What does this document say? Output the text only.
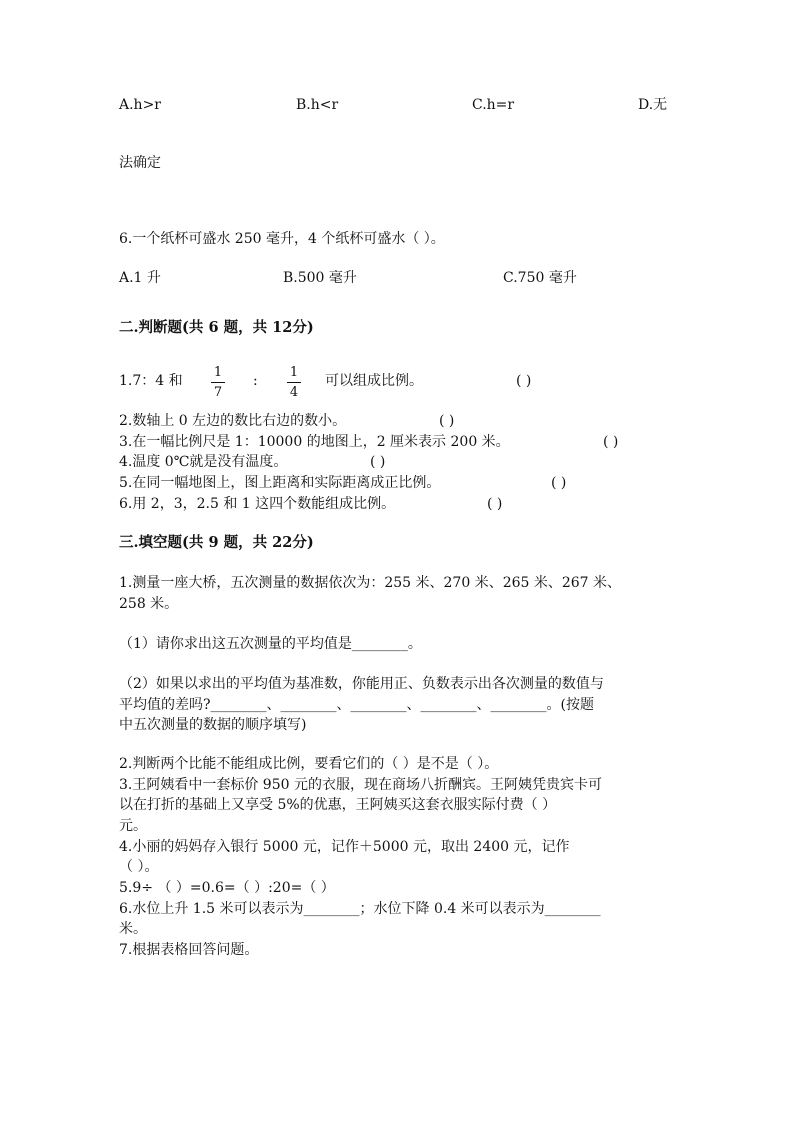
A.h>r	B.h<r	C.h=r	D.无
法确定
6.一个纸杯可盛水 250 毫升，4 个纸杯可盛水（ ）。
A.1 升	B.500 毫升	C.750 毫升
二.判断题(共 6 题，共 12分)
1.7：4 和
1
7
:
1
4
可以组成比例。	( )
2.数轴上 0 左边的数比右边的数小。	( )
3.在一幅比例尺是 1：10000 的地图上，2 厘米表示 200 米。	( )
4.温度 0℃就是没有温度。	( )
5.在同一幅地图上，图上距离和实际距离成正比例。	( )
6.用 2，3，2.5 和 1 这四个数能组成比例。	( )
三.填空题(共 9 题，共 22分)
1.测量一座大桥，五次测量的数据依次为：255 米、270 米、265 米、267 米、
258 米。
（1）请你求出这五次测量的平均值是________。
（2）如果以求出的平均值为基准数，你能用正、负数表示出各次测量的数值与
平均值的差吗?________、________、________、________、________。(按题
中五次测量的数据的顺序填写)
2.判断两个比能不能组成比例，要看它们的（ ）是不是（ ）。
3.王阿姨看中一套标价 950 元的衣服，现在商场八折酬宾。王阿姨凭贵宾卡可
以在打折的基础上又享受 5%的优惠，王阿姨买这套衣服实际付费（ ）
元。
4.小丽的妈妈存入银行 5000 元，记作＋5000 元，取出 2400 元，记作
（ ）。
5.9÷ （ ）=0.6=（ ）:20=（ ）
6.水位上升 1.5 米可以表示为________；水位下降 0.4 米可以表示为________
米。
7.根据表格回答问题。
